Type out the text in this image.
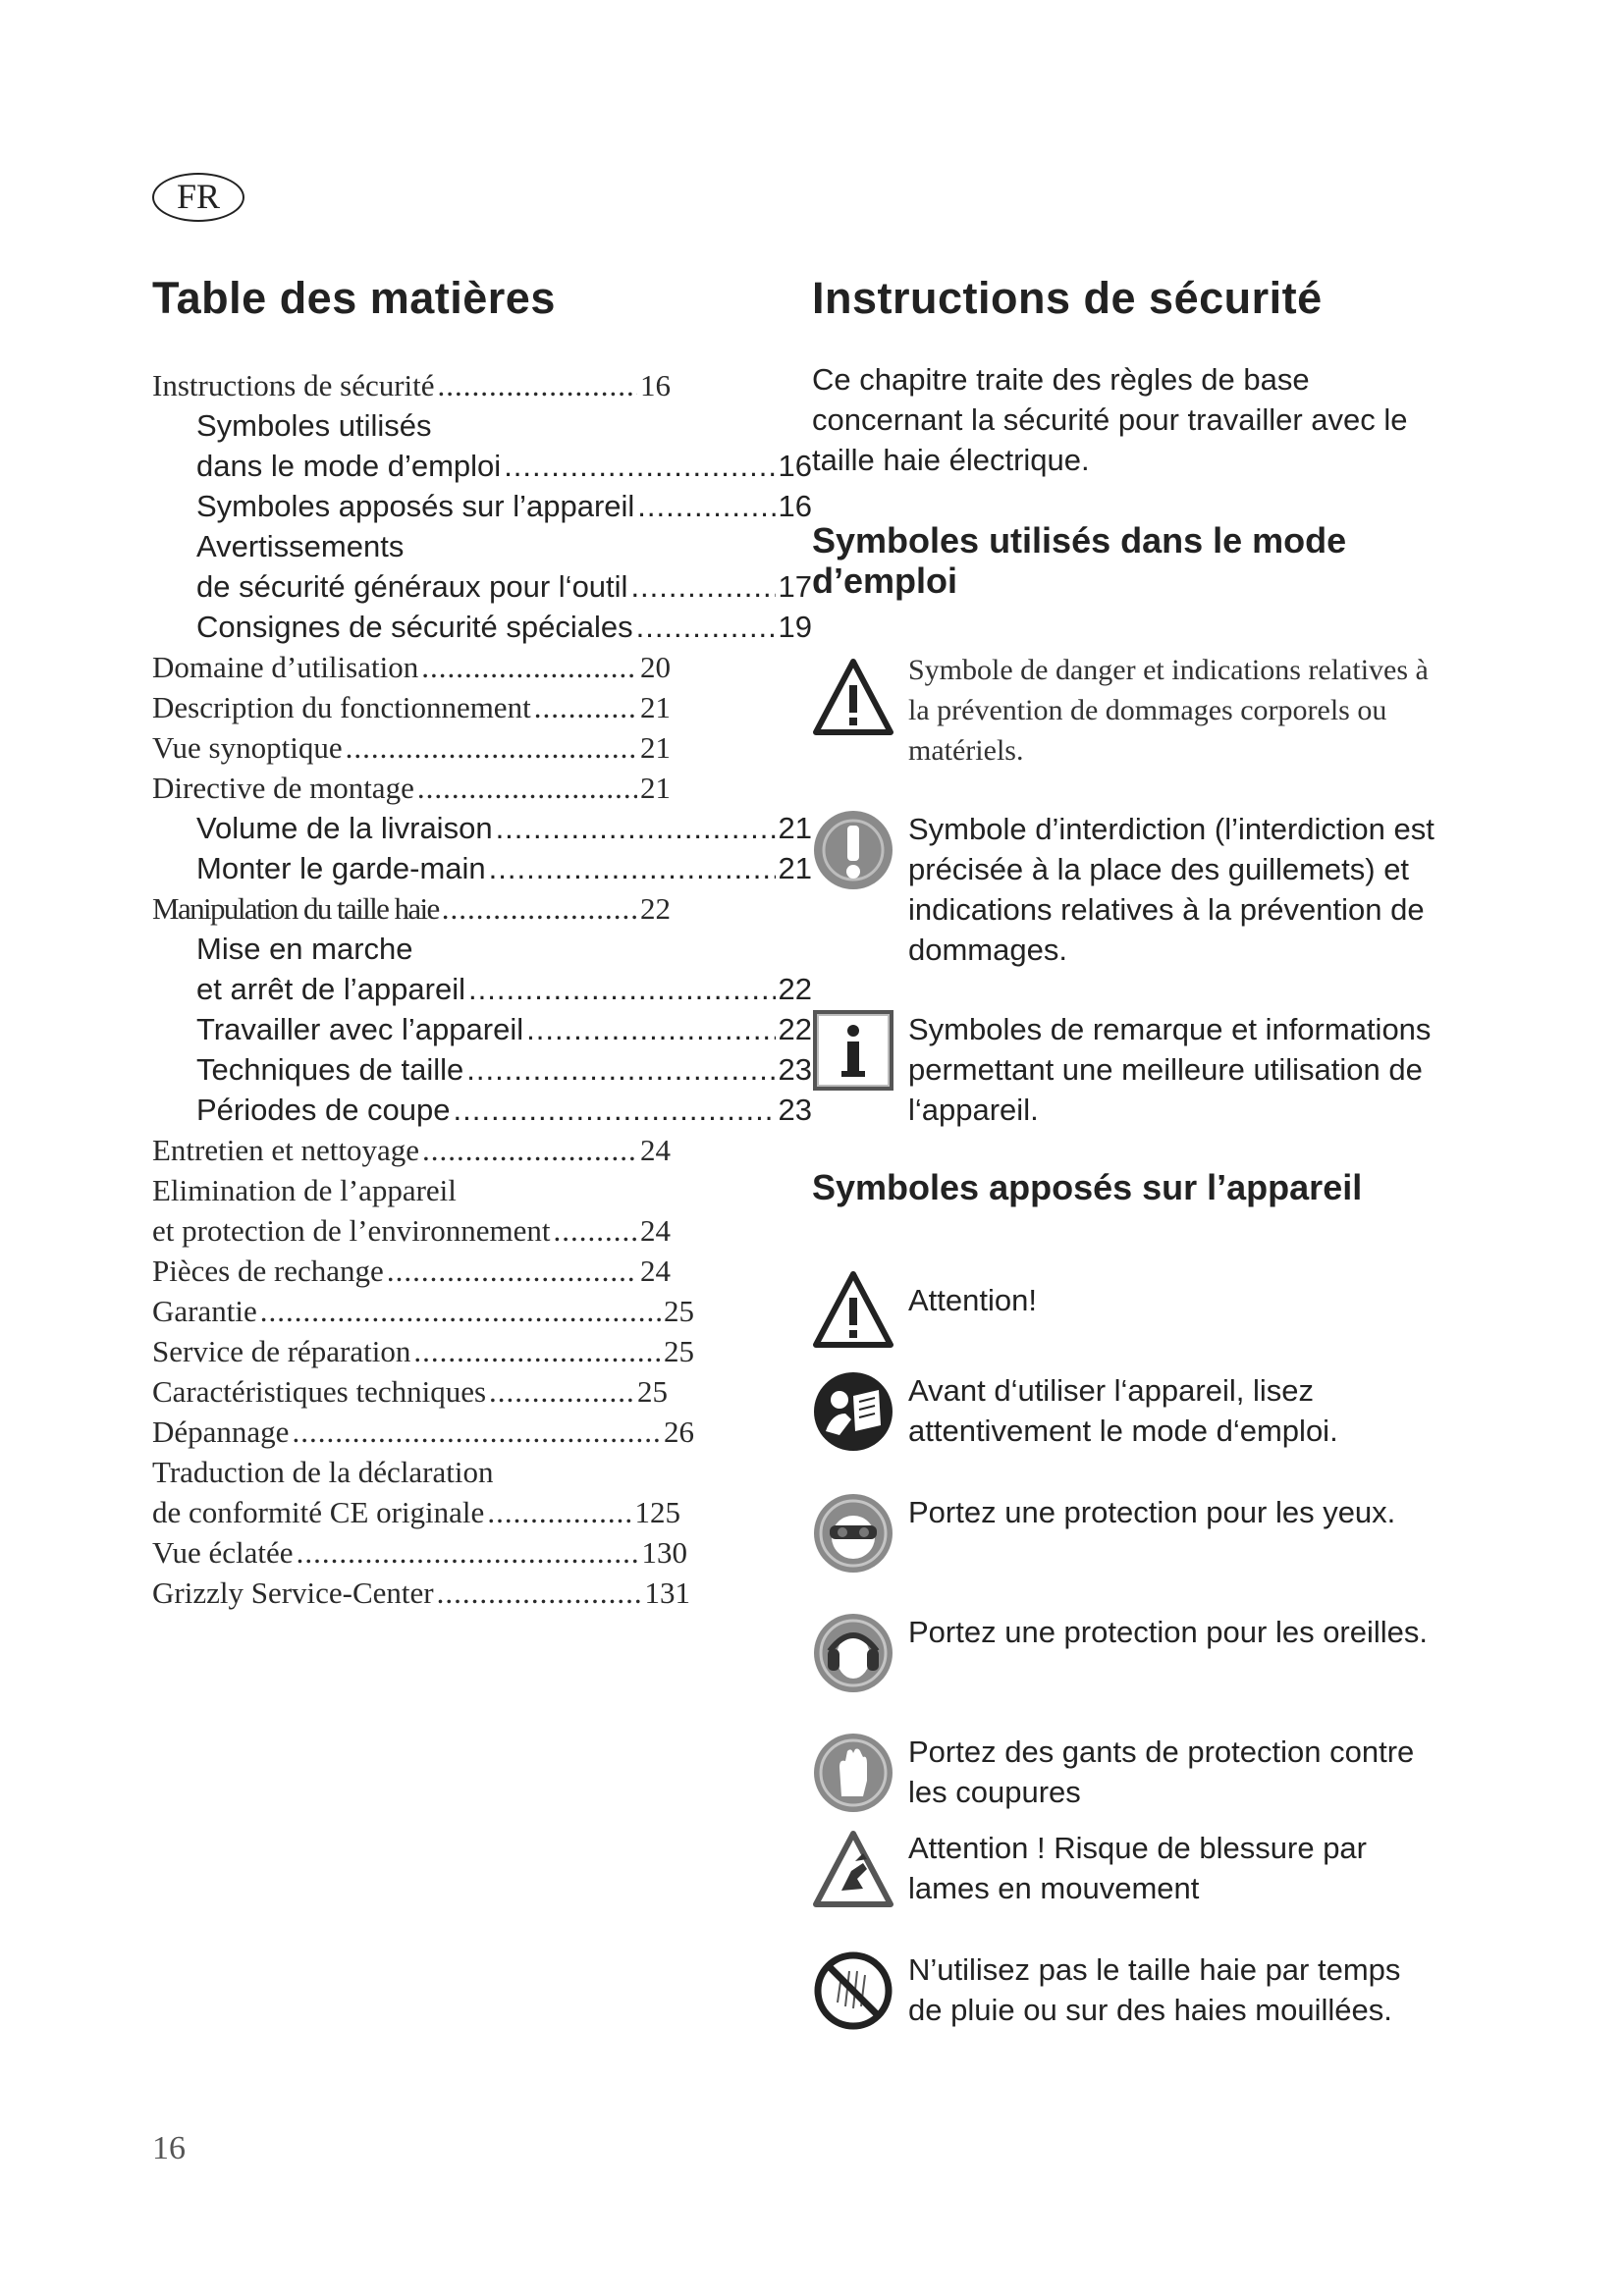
FR
Table des matières	Instructions de sécurité
Instructions de sécurité .....	16
Symboles utilisés
dans le mode d’emploi .....	16
Symboles apposés sur l’appareil .....	16
Avertissements
de sécurité généraux pour l‘outil .....	17
Consignes de sécurité spéciales .....	19
Domaine d’utilisation .....	20
Description du fonctionnement .....	21
Vue synoptique .....	21
Directive de montage .....	21
Volume de la livraison .....	21
Monter le garde-main .....	21
Manipulation du taille haie .....	22
Mise en marche
et arrêt de l’appareil .....	22
Travailler avec l’appareil .....	22
Techniques de taille .....	23
Périodes de coupe .....	23
Entretien et nettoyage .....	24
Elimination de l’appareil
et protection de l’environnement .....	24
Pièces de rechange .....	24
Garantie .....	25
Service de réparation .....	25
Caractéristiques techniques .....	25
Dépannage .....	26
Traduction de la déclaration
de conformité CE originale .....	125
Vue éclatée .....	130
Grizzly Service-Center .....	131

Ce chapitre traite des règles de base concernant la sécurité pour travailler avec le taille haie électrique.

Symboles utilisés dans le mode d’emploi
Symbole de danger et indications relatives à la prévention de dommages corporels ou matériels.
Symbole d’interdiction (l’interdiction est précisée à la place des guillemets) et indications relatives à la prévention de dommages.
Symboles de remarque et informations permettant une meilleure utilisation de l‘appareil.
Symboles apposés sur l’appareil
Attention!
Avant d‘utiliser l‘appareil, lisez attentivement le mode d‘emploi.
Portez une protection pour les yeux.
Portez une protection pour les oreilles.
Portez des gants de protection contre les coupures
Attention ! Risque de blessure par lames en mouvement
N’utilisez pas le taille haie par temps de pluie ou sur des haies mouillées.
16
